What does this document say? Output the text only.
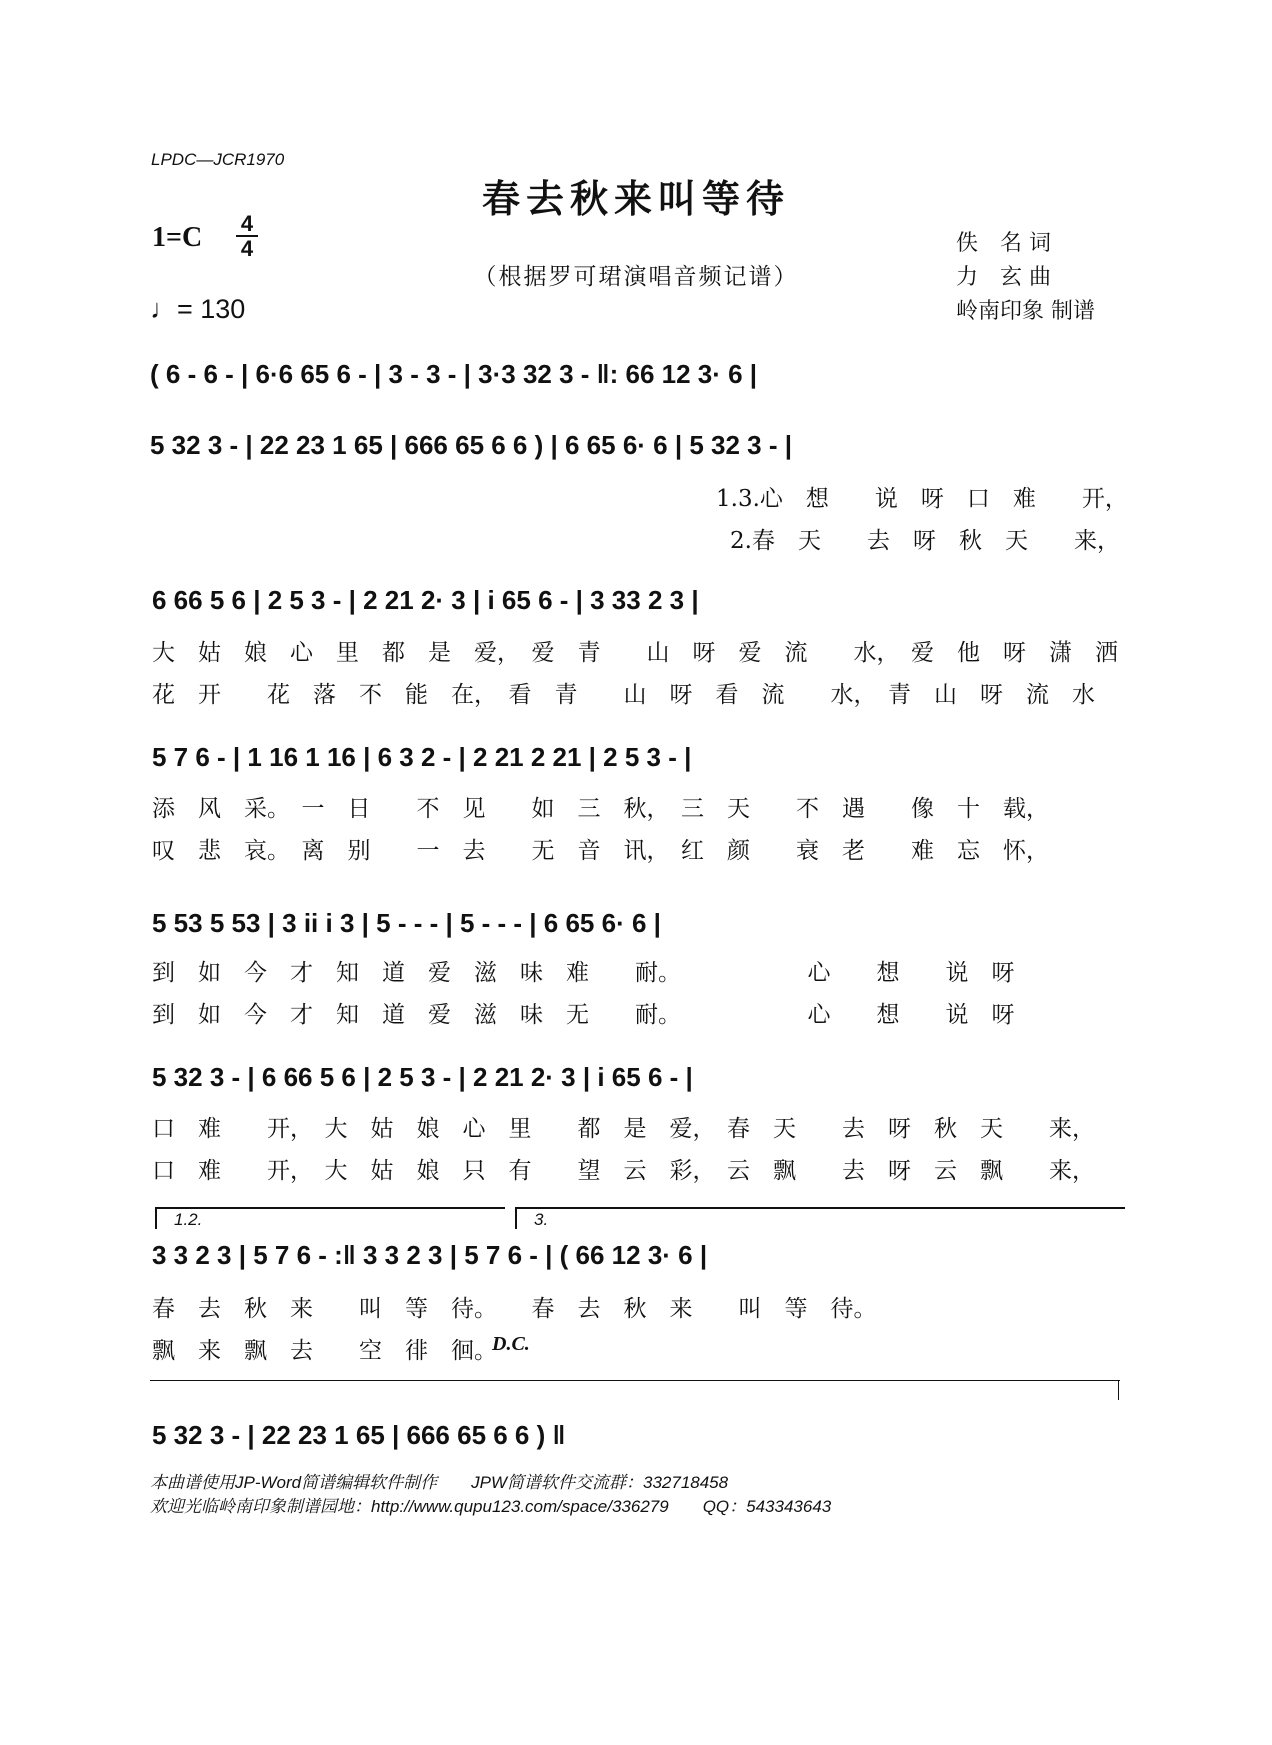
LPDC—JCR1970
春去秋来叫等待
（根据罗可珺演唱音频记谱）
1=C 4
4
♩= 130
佚　名 词
力　玄 曲
岭南印象 制谱
( 6 - 6 - | 6·6 65 6 - | 3 - 3 - | 3·3 32 3 - ‖: 66 12 3· 6 |
5 32 3 - | 22 23 1 65 | 666 65 6 6 ) | 6 65 6· 6 | 5 32 3 - |
1.3.心　想　　说　呀　口　难　　开，
2.春　天　　去　呀　秋　天　　来，
6 66 5 6 | 2 5 3 - | 2 21 2· 3 | i 65 6 - | 3 33 2 3 |
大　姑　娘　心　里　都　是　爱，　爱　青　　山　呀　爱　流　　水，　爱　他　呀　潇　洒
花　开　　花　落　不　能　在，　看　青　　山　呀　看　流　　水，　青　山　呀　流　水
5 7 6 - | 1 16 1 16 | 6 3 2 - | 2 21 2 21 | 2 5 3 - |
添　风　采。　一　日　　不　见　　如　三　秋，　三　天　　不　遇　　像　十　载，
叹　悲　哀。　离　别　　一　去　　无　音　讯，　红　颜　　衰　老　　难　忘　怀，
5 53 5 53 | 3 ii i 3 | 5 - - - | 5 - - - | 6 65 6· 6 |
到　如　今　才　知　道　爱　滋　味　难　　耐。　　　　　　心　　想　　说　呀
到　如　今　才　知　道　爱　滋　味　无　　耐。　　　　　　心　　想　　说　呀
5 32 3 - | 6 66 5 6 | 2 5 3 - | 2 21 2· 3 | i 65 6 - |
口　难　　开，　大　姑　娘　心　里　　都　是　爱，　春　天　　去　呀　秋　天　　来，
口　难　　开，　大　姑　娘　只　有　　望　云　彩，　云　飘　　去　呀　云　飘　　来，
1.2.	3.
3 3 2 3 | 5 7 6 - :‖ 3 3 2 3 | 5 7 6 - | ( 66 12 3· 6 |
春　去　秋　来　　叫　等　待。　　春　去　秋　来　　叫　等　待。
飘　来　飘　去　　空　徘　徊。
D.C.
5 32 3 - | 22 23 1 65 | 666 65 6 6 ) ‖
本曲谱使用JP-Word简谱编辑软件制作　　JPW简谱软件交流群：332718458
欢迎光临岭南印象制谱园地：http://www.qupu123.com/space/336279　　QQ：543343643
